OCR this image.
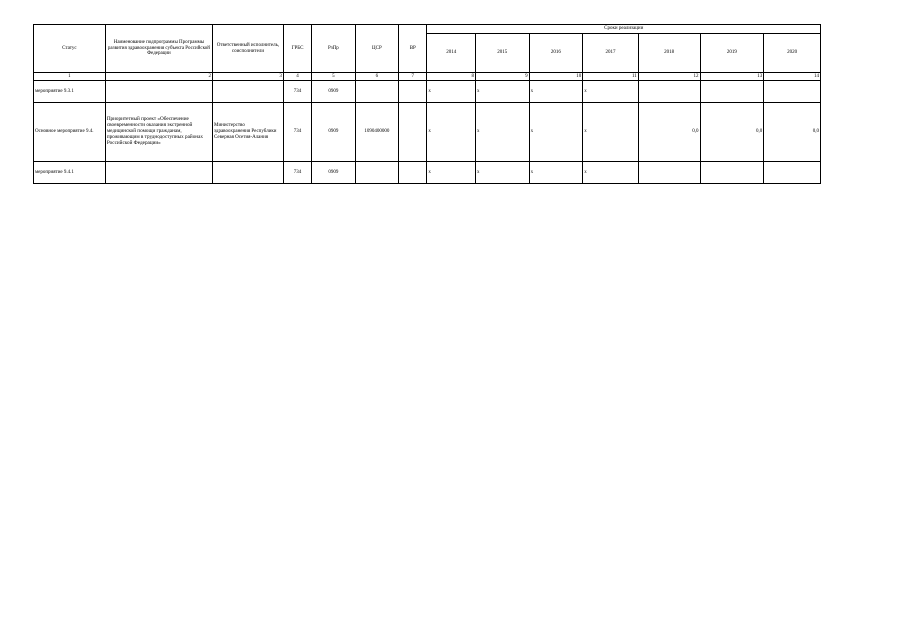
Статус	Наименование подпрограммы Программы развития здравоохранения субъекта Российской Федерации	Ответственный исполнитель, соисполнители	ГРБС	РзПр	ЦСР	ВР	Сроки реализации						
							2014	2015	2016	2017	2018	2019	2020
1	2	3	4	5	6	7	8	9	10	11	12	13	14
мероприятие 9.3.1			734	0909			х	х	х	х			
Основное мероприятие 9.4.	Приоритетный проект «Обеспечение своевременности оказания экстренной медицинской помощи гражданам, проживающим в труднодоступных районах Российской Федерации»	Министерство здравоохранения Республики Северная Осетия-Алания	734	0909	1090400000		х	х	х	х	0,0	0,0	0,0
мероприятие 9.4.1			734	0909			х	х	х	х			
